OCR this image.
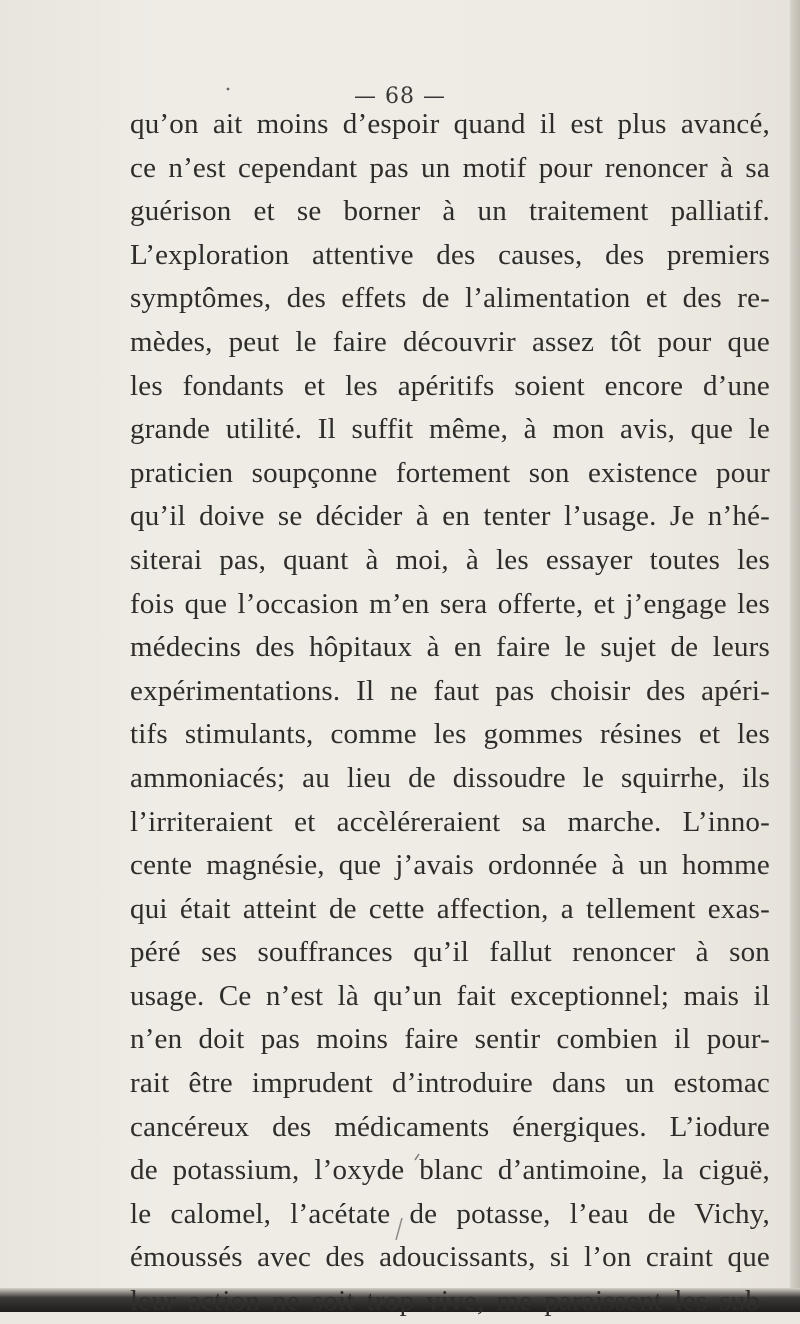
— 68 —
qu’on ait moins d’espoir quand il est plus avancé,
ce n’est cependant pas un motif pour renoncer à sa
guérison et se borner à un traitement palliatif.
L’exploration attentive des causes, des premiers
symptômes, des effets de l’alimentation et des re-
mèdes, peut le faire découvrir assez tôt pour que
les fondants et les apéritifs soient encore d’une
grande utilité. Il suffit même, à mon avis, que le
praticien soupçonne fortement son existence pour
qu’il doive se décider à en tenter l’usage. Je n’hé-
siterai pas, quant à moi, à les essayer toutes les
fois que l’occasion m’en sera offerte, et j’engage les
médecins des hôpitaux à en faire le sujet de leurs
expérimentations. Il ne faut pas choisir des apéri-
tifs stimulants, comme les gommes résines et les
ammoniacés; au lieu de dissoudre le squirrhe, ils
l’irriteraient et accèléreraient sa marche. L’inno-
cente magnésie, que j’avais ordonnée à un homme
qui était atteint de cette affection, a tellement exas-
péré ses souffrances qu’il fallut renoncer à son
usage. Ce n’est là qu’un fait exceptionnel; mais il
n’en doit pas moins faire sentir combien il pour-
rait être imprudent d’introduire dans un estomac
cancéreux des médicaments énergiques. L’iodure
de potassium, l’oxyde blanc d’antimoine, la ciguë,
le calomel, l’acétate de potasse, l’eau de Vichy,
émoussés avec des adoucissants, si l’on craint que
leur action ne soit trop vive, me paraissent les sub-
